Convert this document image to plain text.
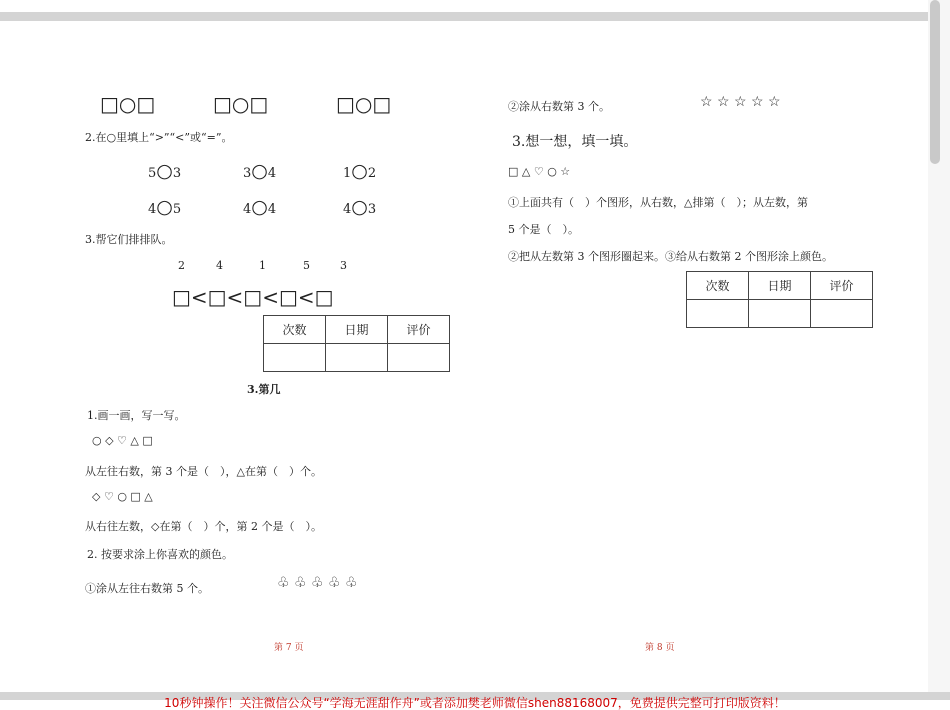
□○□	□○□	□○□
2.在○里填上“>”“<”或“=”。
5○3	3○4	1○2
4○5	4○4	4○3
3.帮它们排排队。
2	4	1	5	3
□<□<□<□<□
次数	日期	评价

3.第几
1.画一画，写一写。
○ ◇ ♡ △ □
从左往右数，第 3 个是（　），△在第（　）个。
◇ ♡ ○ □ △
从右往左数，◇在第（　）个，第 2 个是（　）。
2. 按要求涂上你喜欢的颜色。
①涂从左往右数第 5 个。	♧ ♧ ♧ ♧ ♧
第 7 页
②涂从右数第 3 个。	☆ ☆ ☆ ☆ ☆
3.想一想，填一填。
□ △ ♡ ○ ☆
①上面共有（　）个图形，从右数，△排第（　）；从左数，第
5 个是（　）。
②把从左数第 3 个图形圈起来。③给从右数第 2 个图形涂上颜色。
次数	日期	评价

第 8 页
10秒钟操作！关注微信公众号“学海无涯甜作舟”或者添加樊老师微信shen88168007，免费提供完整可打印版资料！
